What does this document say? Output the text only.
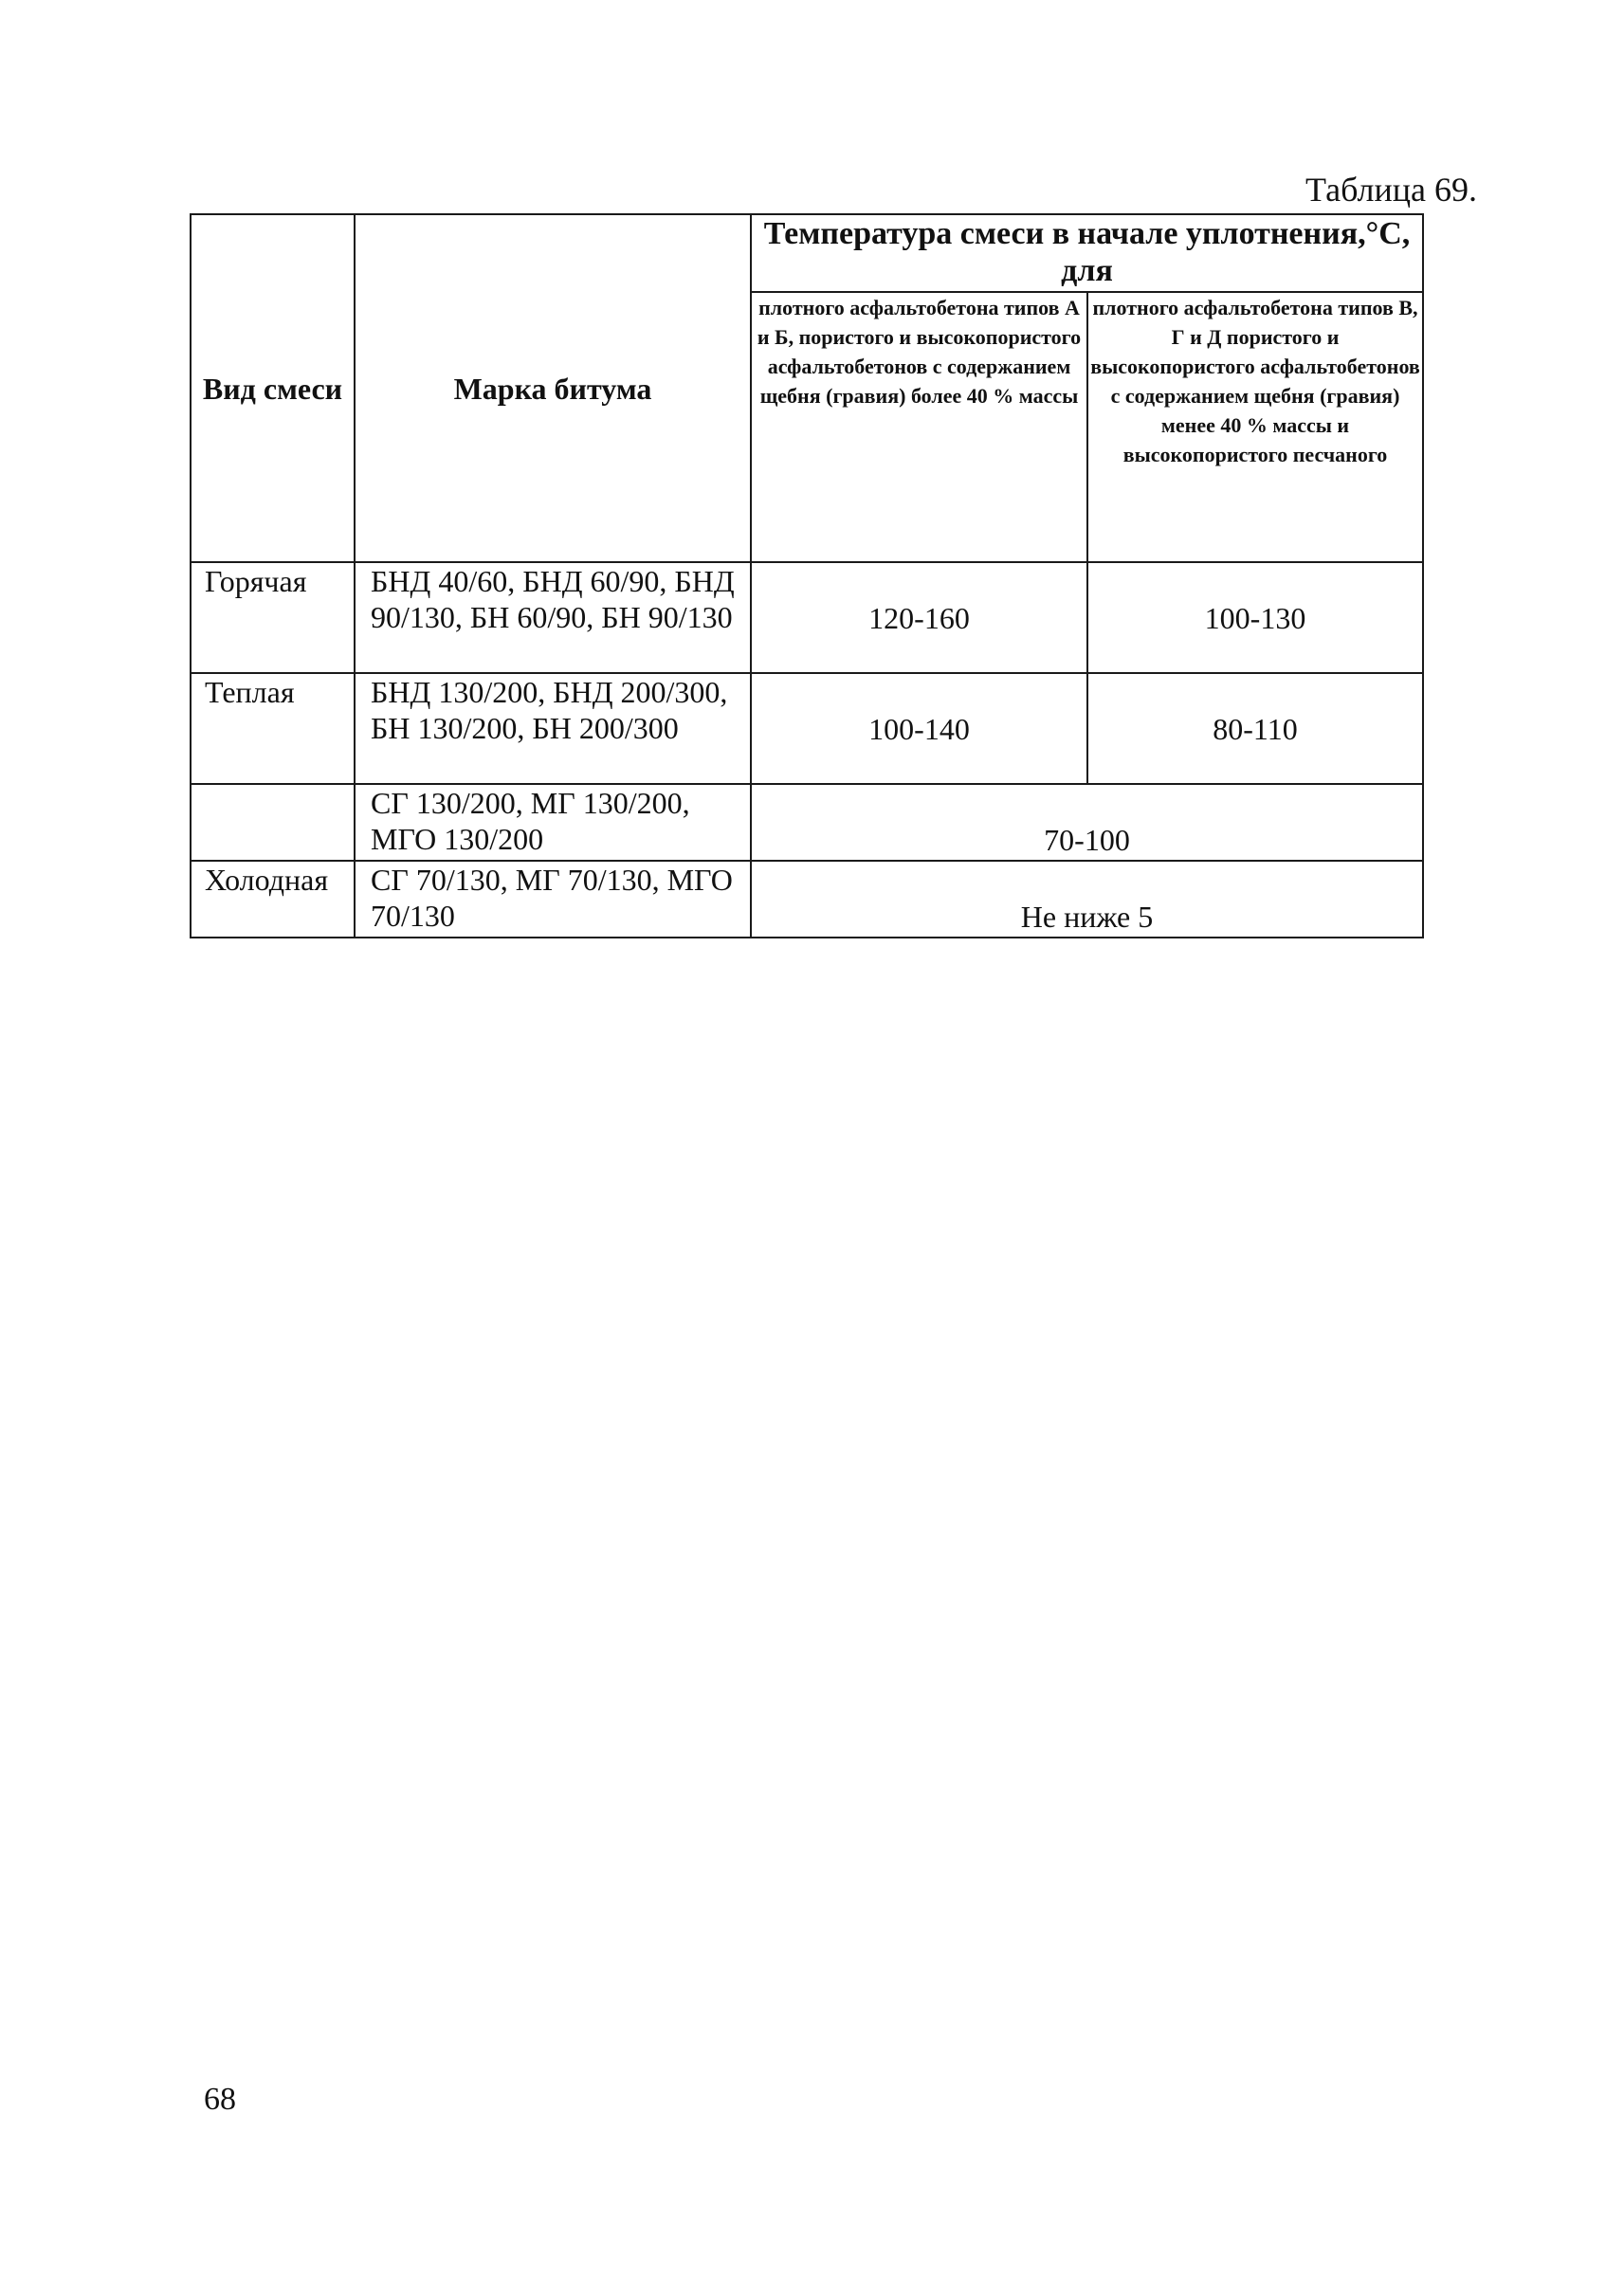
Таблица 69.
Вид смеси	Марка битума	Температура смеси в начале уплотнения,°С, для	
		плотного асфальтобетона типов А и Б, пористого и высокопористого асфальтобетонов с содержанием щебня (гравия) более 40 % массы	плотного асфальтобетона типов В, Г и Д пористого и высокопористого асфальтобетонов с содержанием щебня (гравия) менее 40 % массы и высокопористого песчаного
Горячая	БНД 40/60, БНД 60/90, БНД 90/130, БН 60/90, БН 90/130	120-160	100-130
Теплая	БНД 130/200, БНД 200/300, БН 130/200, БН 200/300	100-140	80-110
	СГ 130/200, МГ 130/200, МГО 130/200	70-100	
Холодная	СГ 70/130, МГ 70/130, МГО 70/130	Не ниже 5	
68
